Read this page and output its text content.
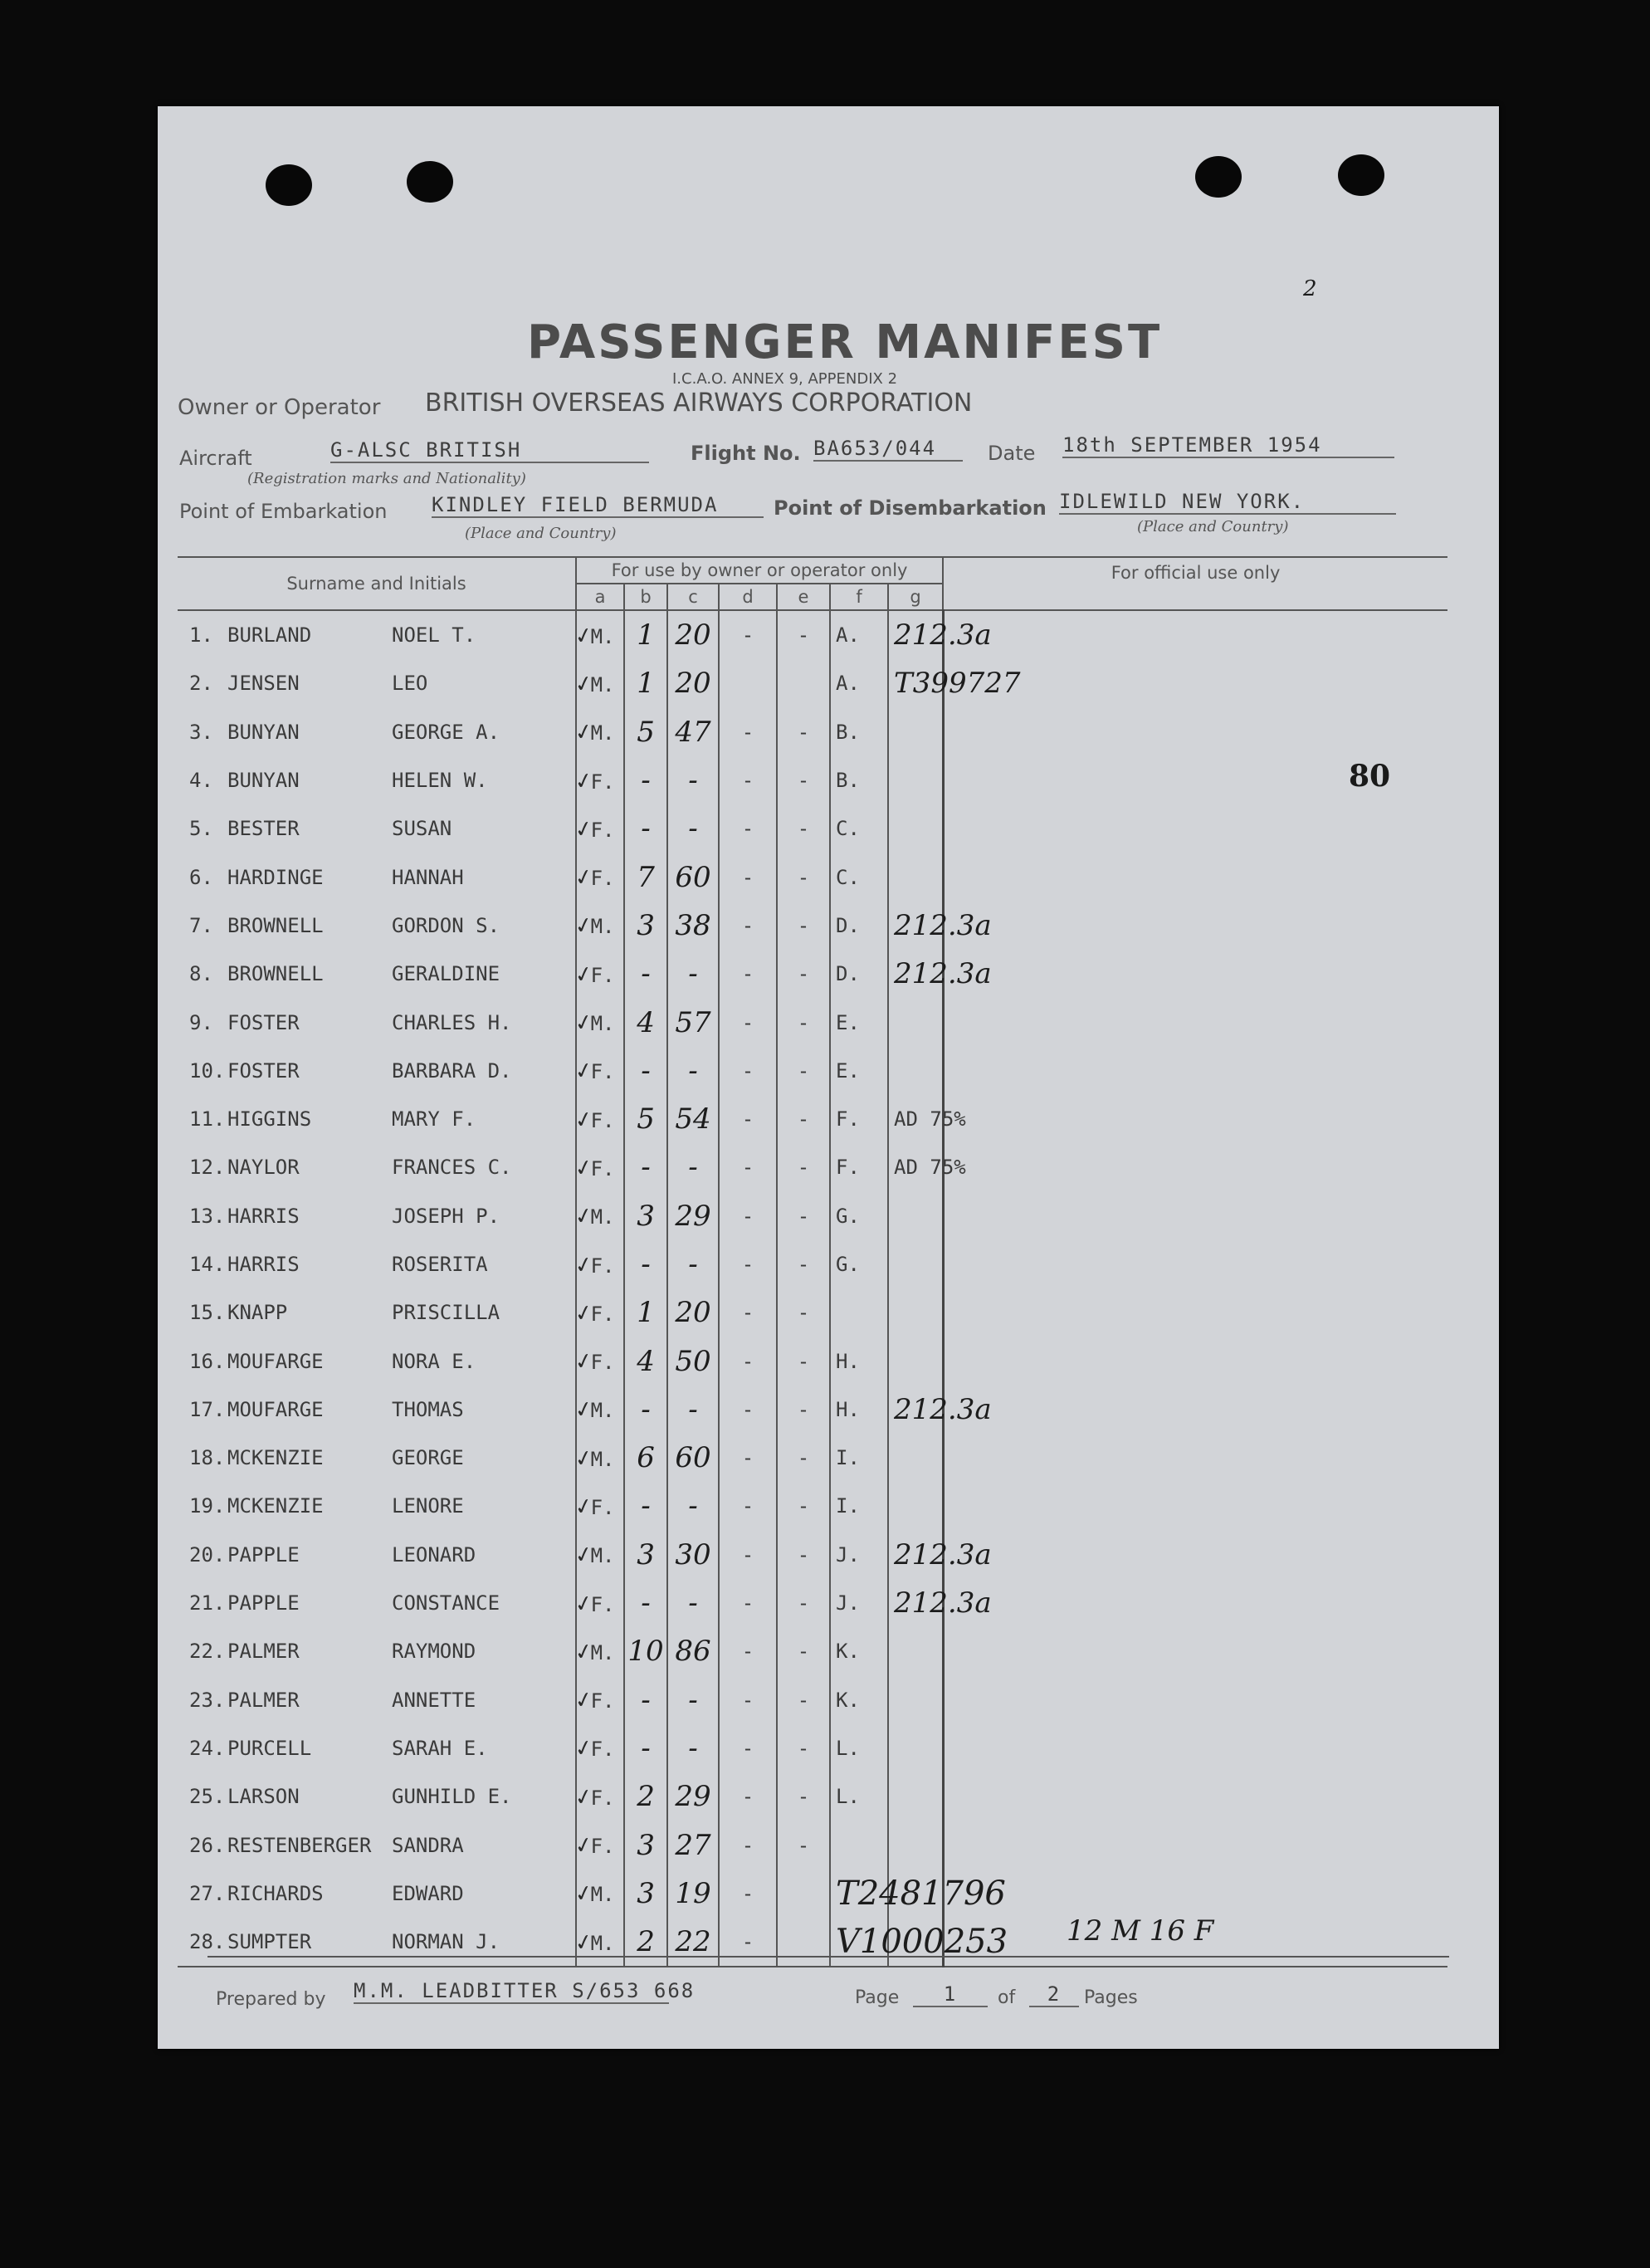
2
PASSENGER MANIFEST
I.C.A.O. ANNEX 9, APPENDIX 2
Owner or Operator BRITISH OVERSEAS AIRWAYS CORPORATION
Aircraft	G-ALSC BRITISH
(Registration marks and Nationality)
Flight No. BA653/044	Date 18th SEPTEMBER 1954
Point of Embarkation KINDLEY FIELD BERMUDA
(Place and Country)
Point of Disembarkation IDLEWILD NEW YORK.
(Place and Country)
80
Surname and Initials			For use by owner or operator only							For official use only
			a	b	c	d	e	f	g	
1.	BURLAND	NOEL T.	✓M.	1	20	-	-	A.	212.3a	
2.	JENSEN	LEO	✓M.	1	20			A.	T399727	
3.	BUNYAN	GEORGE A.	✓M.	5	47	-	-	B.		
4.	BUNYAN	HELEN W.	✓F.	-	-	-	-	B.		
5.	BESTER	SUSAN	✓F.	-	-	-	-	C.		
6.	HARDINGE	HANNAH	✓F.	7	60	-	-	C.		
7.	BROWNELL	GORDON S.	✓M.	3	38	-	-	D.	212.3a	
8.	BROWNELL	GERALDINE	✓F.	-	-	-	-	D.	212.3a	
9.	FOSTER	CHARLES H.	✓M.	4	57	-	-	E.		
10.	FOSTER	BARBARA D.	✓F.	-	-	-	-	E.		
11.	HIGGINS	MARY F.	✓F.	5	54	-	-	F.	AD 75%	
12.	NAYLOR	FRANCES C.	✓F.	-	-	-	-	F.	AD 75%	
13.	HARRIS	JOSEPH P.	✓M.	3	29	-	-	G.		
14.	HARRIS	ROSERITA	✓F.	-	-	-	-	G.		
15.	KNAPP	PRISCILLA	✓F.	1	20	-	-			
16.	MOUFARGE	NORA E.	✓F.	4	50	-	-	H.		
17.	MOUFARGE	THOMAS	✓M.	-	-	-	-	H.	212.3a	
18.	MCKENZIE	GEORGE	✓M.	6	60	-	-	I.		
19.	MCKENZIE	LENORE	✓F.	-	-	-	-	I.		
20.	PAPPLE	LEONARD	✓M.	3	30	-	-	J.	212.3a	
21.	PAPPLE	CONSTANCE	✓F.	-	-	-	-	J.	212.3a	
22.	PALMER	RAYMOND	✓M.	10	86	-	-	K.		
23.	PALMER	ANNETTE	✓F.	-	-	-	-	K.		
24.	PURCELL	SARAH E.	✓F.	-	-	-	-	L.		
25.	LARSON	GUNHILD E.	✓F.	2	29	-	-	L.		
26.	RESTENBERGER	SANDRA	✓F.	3	27	-	-			
27.	RICHARDS	EDWARD	✓M.	3	19	-		T2481796		
28.	SUMPTER	NORMAN J.	✓M.	2	22	-		V1000253		12 M 16 F
Prepared by M.M. LEADBITTER S/653 668	Page	1	of	2	Pages
